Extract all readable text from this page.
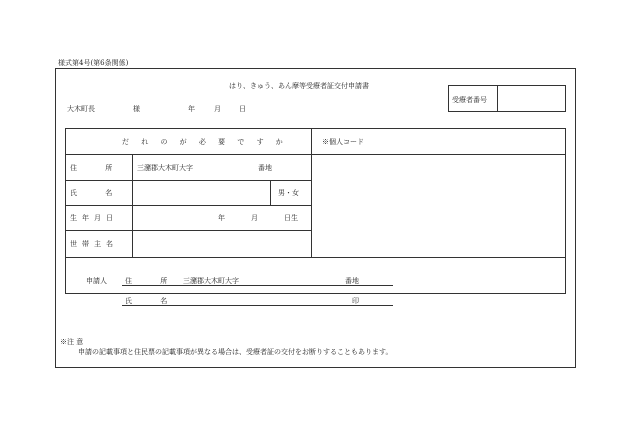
様式第4号(第6条関係)
はり、きゅう、あん摩等受療者証交付申請書
大木町長	様	年	月	日
受療者番号
だ れ の が 必 要 で す か	※個人コード
住 所 三瀦郡大木町大字	番地
氏 名	男・女
生年月日	年	月	日生
世帯主名
申請人	住 所 三瀦郡大木町大字	番地
氏 名	印
※注 意
申請の記載事項と住民票の記載事項が異なる場合は、受療者証の交付をお断りすることもあります。
